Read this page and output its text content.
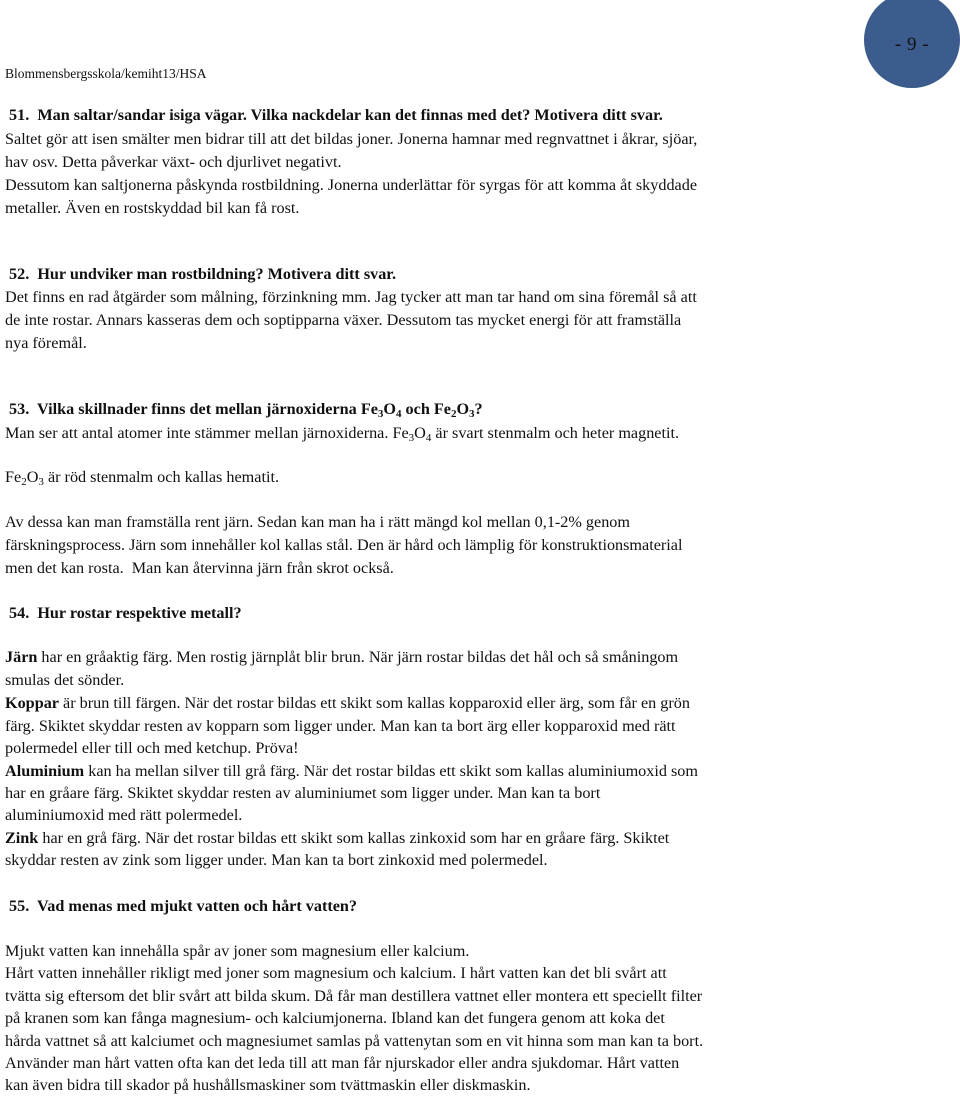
- 9 -

Blommensbergsskola/kemiht13/HSA

51.  Man saltar/sandar isiga vägar. Vilka nackdelar kan det finnas med det? Motivera ditt svar.

Saltet gör att isen smälter men bidrar till att det bildas joner. Jonerna hamnar med regnvattnet i åkrar, sjöar,

hav osv. Detta påverkar växt- och djurlivet negativt.

Dessutom kan saltjonerna påskynda rostbildning. Jonerna underlättar för syrgas för att komma åt skyddade

metaller. Även en rostskyddad bil kan få rost.

52.  Hur undviker man rostbildning? Motivera ditt svar.

Det finns en rad åtgärder som målning, förzinkning mm. Jag tycker att man tar hand om sina föremål så att

de inte rostar. Annars kasseras dem och soptipparna växer. Dessutom tas mycket energi för att framställa

nya föremål.

53.  Vilka skillnader finns det mellan järnoxiderna $Fe_3O_4$ och $Fe_2O_3$?

Man ser att antal atomer inte stämmer mellan järnoxiderna. $Fe_3O_4$ är svart stenmalm och heter magnetit.

$Fe_2O_3$ är röd stenmalm och kallas hematit.

Av dessa kan man framställa rent järn. Sedan kan man ha i rätt mängd kol mellan 0,1-2% genom

färskningsprocess. Järn som innehåller kol kallas stål. Den är hård och lämplig för konstruktionsmaterial

men det kan rosta.  Man kan återvinna järn från skrot också.

54.  Hur rostar respektive metall?

Järn har en gråaktig färg. Men rostig järnplåt blir brun. När järn rostar bildas det hål och så småningom

smulas det sönder.

Koppar är brun till färgen. När det rostar bildas ett skikt som kallas kopparoxid eller ärg, som får en grön

färg. Skiktet skyddar resten av kopparn som ligger under. Man kan ta bort ärg eller kopparoxid med rätt

polermedel eller till och med ketchup. Pröva!

Aluminium kan ha mellan silver till grå färg. När det rostar bildas ett skikt som kallas aluminiumoxid som

har en gråare färg. Skiktet skyddar resten av aluminiumet som ligger under. Man kan ta bort

aluminiumoxid med rätt polermedel.

Zink har en grå färg. När det rostar bildas ett skikt som kallas zinkoxid som har en gråare färg. Skiktet

skyddar resten av zink som ligger under. Man kan ta bort zinkoxid med polermedel.

55.  Vad menas med mjukt vatten och hårt vatten?

Mjukt vatten kan innehålla spår av joner som magnesium eller kalcium.

Hårt vatten innehåller rikligt med joner som magnesium och kalcium. I hårt vatten kan det bli svårt att

tvätta sig eftersom det blir svårt att bilda skum. Då får man destillera vattnet eller montera ett speciellt filter

på kranen som kan fånga magnesium- och kalciumjonerna. Ibland kan det fungera genom att koka det

hårda vattnet så att kalciumet och magnesiumet samlas på vattenytan som en vit hinna som man kan ta bort.

Använder man hårt vatten ofta kan det leda till att man får njurskador eller andra sjukdomar. Hårt vatten

kan även bidra till skador på hushållsmaskiner som tvättmaskin eller diskmaskin.
